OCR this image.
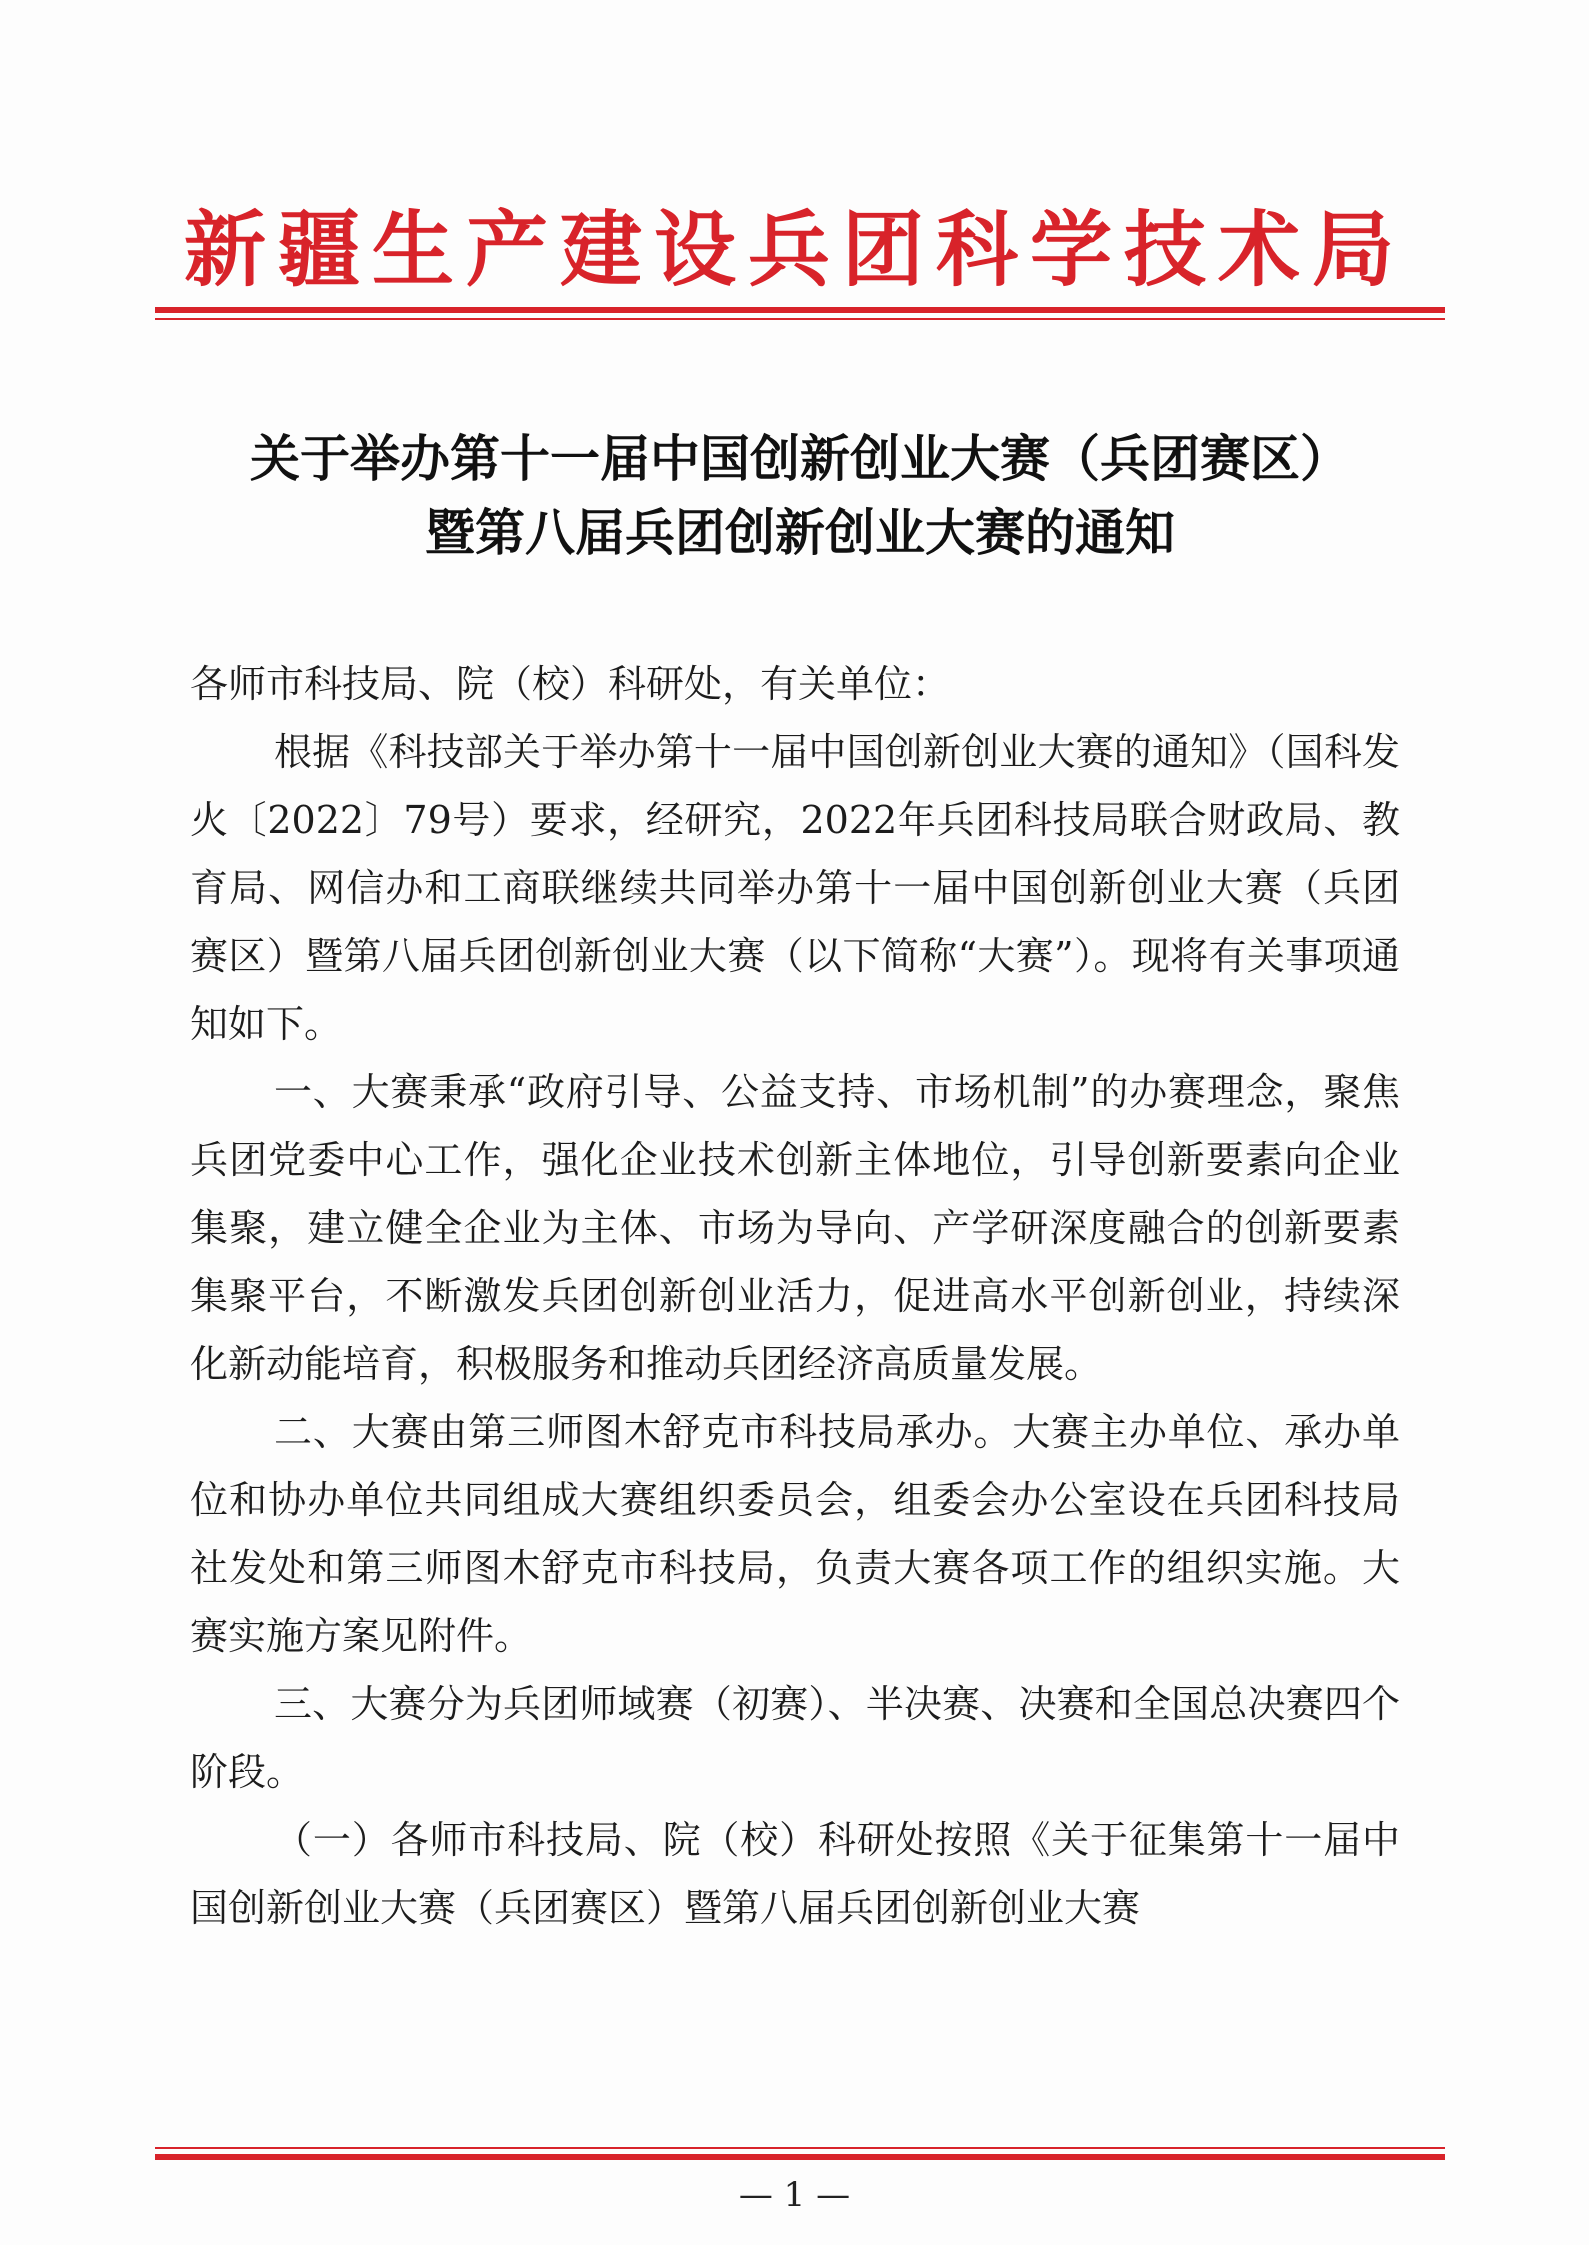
新疆生产建设兵团科学技术局
关于举办第十一届中国创新创业大赛（兵团赛区）
暨第八届兵团创新创业大赛的通知

各师市科技局、院（校）科研处，有关单位：

根据《科技部关于举办第十一届中国创新创业大赛的通知》（国科发火〔2022〕79号）要求，经研究，2022年兵团科技局联合财政局、教育局、网信办和工商联继续共同举办第十一届中国创新创业大赛（兵团赛区）暨第八届兵团创新创业大赛（以下简称“大赛”）。现将有关事项通知如下。

一、大赛秉承“政府引导、公益支持、市场机制”的办赛理念，聚焦兵团党委中心工作，强化企业技术创新主体地位，引导创新要素向企业集聚，建立健全企业为主体、市场为导向、产学研深度融合的创新要素集聚平台，不断激发兵团创新创业活力，促进高水平创新创业，持续深化新动能培育，积极服务和推动兵团经济高质量发展。

二、大赛由第三师图木舒克市科技局承办。大赛主办单位、承办单位和协办单位共同组成大赛组织委员会，组委会办公室设在兵团科技局社发处和第三师图木舒克市科技局，负责大赛各项工作的组织实施。大赛实施方案见附件。

三、大赛分为兵团师域赛（初赛）、半决赛、决赛和全国总决赛四个阶段。

（一）各师市科技局、院（校）科研处按照《关于征集第十一届中国创新创业大赛（兵团赛区）暨第八届兵团创新创业大赛

— 1 —
